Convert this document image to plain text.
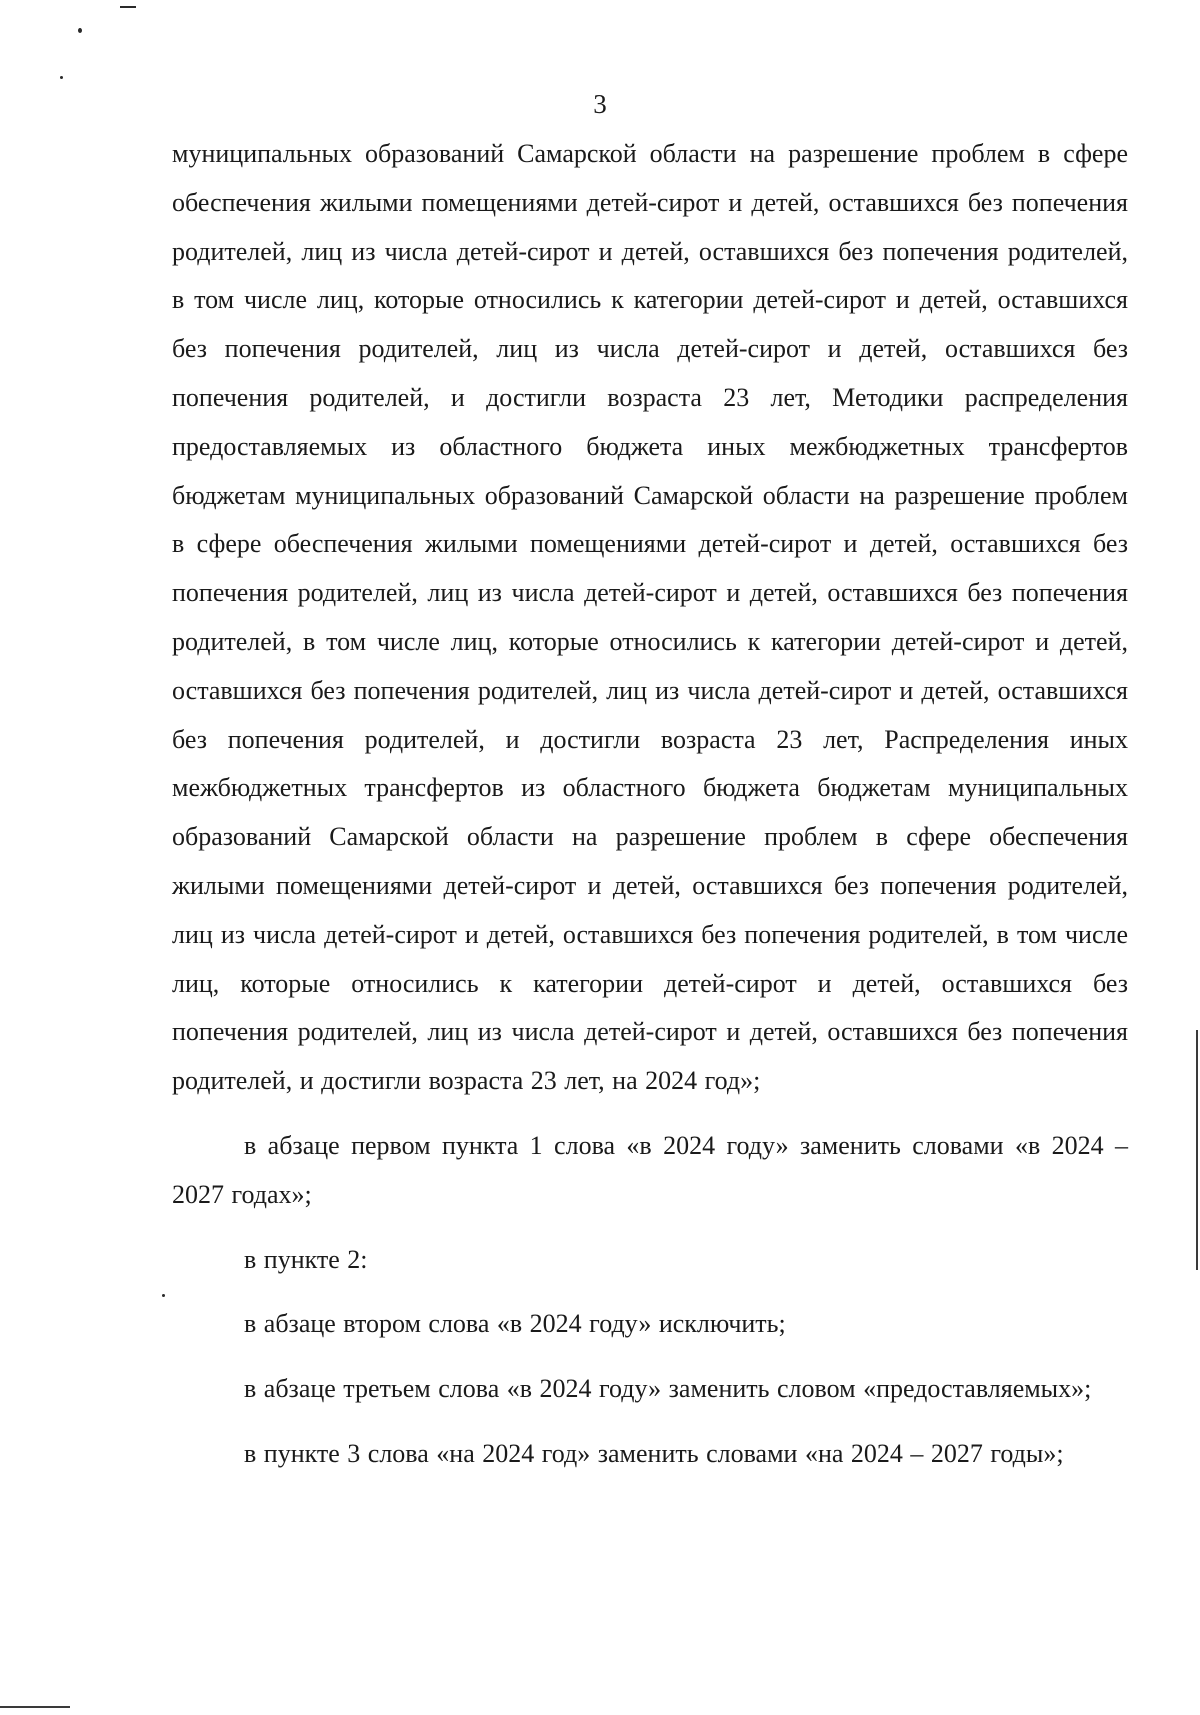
3

муниципальных образований Самарской области на разрешение проблем в сфере обеспечения жилыми помещениями детей-сирот и детей, оставшихся без попечения родителей, лиц из числа детей-сирот и детей, оставшихся без попечения родителей, в том числе лиц, которые относились к категории детей-сирот и детей, оставшихся без попечения родителей, лиц из числа детей-сирот и детей, оставшихся без попечения родителей, и достигли возраста 23 лет, Методики распределения предоставляемых из областного бюджета иных межбюджетных трансфертов бюджетам муниципальных образований Самарской области на разрешение проблем в сфере обеспечения жилыми помещениями детей-сирот и детей, оставшихся без попечения родителей, лиц из числа детей-сирот и детей, оставшихся без попечения родителей, в том числе лиц, которые относились к категории детей-сирот и детей, оставшихся без попечения родителей, лиц из числа детей-сирот и детей, оставшихся без попечения родителей, и достигли возраста 23 лет, Распределения иных межбюджетных трансфертов из областного бюджета бюджетам муниципальных образований Самарской области на разрешение проблем в сфере обеспечения жилыми помещениями детей-сирот и детей, оставшихся без попечения родителей, лиц из числа детей-сирот и детей, оставшихся без попечения родителей, в том числе лиц, которые относились к категории детей-сирот и детей, оставшихся без попечения родителей, лиц из числа детей-сирот и детей, оставшихся без попечения родителей, и достигли возраста 23 лет, на 2024 год»;

в абзаце первом пункта 1 слова «в 2024 году» заменить словами «в 2024 – 2027 годах»;

в пункте 2:

в абзаце втором слова «в 2024 году» исключить;

в абзаце третьем слова «в 2024 году» заменить словом «предоставляемых»;

в пункте 3 слова «на 2024 год» заменить словами «на 2024 – 2027 годы»;
